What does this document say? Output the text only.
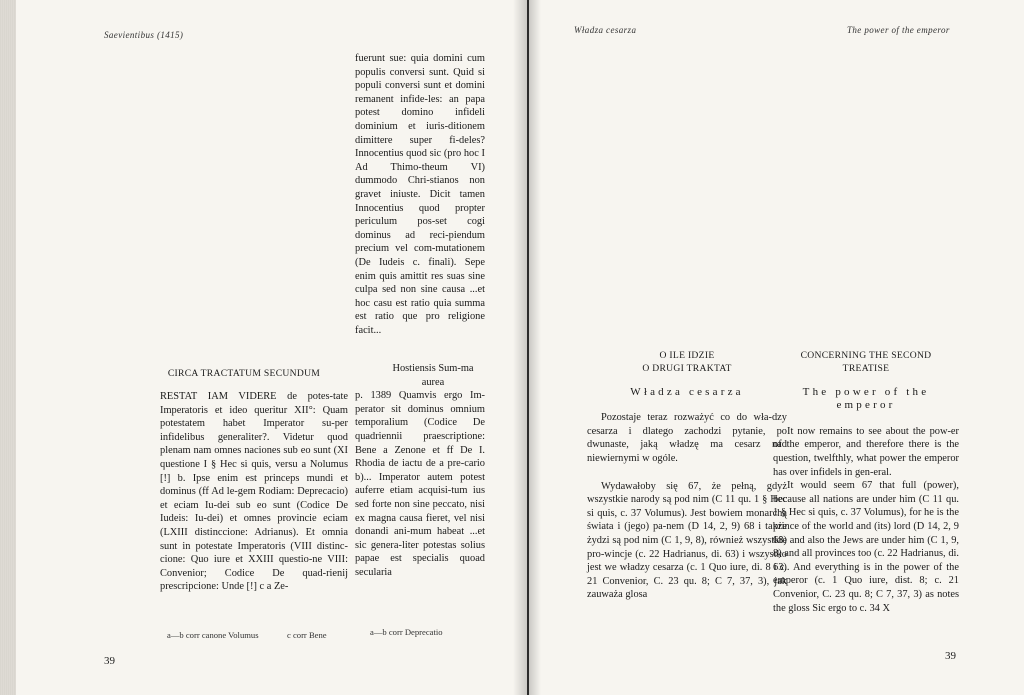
Saevientibus (1415)

fuerunt sue: quia domini cum populis conversi sunt. Quid si populi conversi sunt et domini remanent infide-les: an papa potest domino infideli dominium et iuris-ditionem dimittere super fi-deles? Innocentius quod sic (pro hoc I Ad Thimo-theum VI) dummodo Chri-stianos non gravet iniuste. Dicit tamen Innocentius quod propter periculum pos-set cogi dominus ad reci-piendum precium vel com-mutationem (De Iudeis c. finali). Sepe enim quis amittit res suas sine culpa sed non sine causa ...et hoc casu est ratio quia summa est ratio que pro religione facit...

CIRCA TRACTATUM SECUNDUM

RESTAT IAM VIDERE de potes-tate Imperatoris et ideo queritur XII°: Quam potestatem habet Imperator su-per infidelibus generaliter?. Videtur quod plenam nam omnes naciones sub eo sunt (XI questione I § Hec si quis, versu a Nolumus [!] b. Ipse enim est princeps mundi et dominus (ff Ad le-gem Rodiam: Deprecacio) et eciam Iu-dei sub eo sunt (Codice De Iudeis: Iu-dei) et omnes provincie eciam (LXIII distinccione: Adrianus). Et omnia sunt in potestate Imperatoris (VIII distinc-cione: Quo iure et XXIII questio-ne VIII: Convenior; Codice De quad-rienij prescripcione: Unde [!] c a Ze-

Hostiensis Sum-ma aurea

p. 1389 Quamvis ergo Im-perator sit dominus omnium temporalium (Codice De quadriennii praescriptione: Bene a Zenone et ff De I. Rhodia de iactu de a pre-cario b)... Imperator autem potest auferre etiam acquisi-tum ius sed forte non sine peccato, nisi ex magna causa fieret, vel nisi donandi ani-mum habeat ...et sic genera-liter potestas solius papae est specialis quoad secularia

a—b corr canone Volumus	c corr Bene	a—b corr Deprecatio
39
Władza cesarza	The power of the emperor

O ILE IDZIE

O DRUGI TRAKTAT

Władza cesarza

Pozostaje teraz rozważyć co do wła-dzy cesarza i dlatego zachodzi pytanie, po dwunaste, jaką władzę ma cesarz nad niewiernymi w ogóle.

Wydawałoby się 67, że pełną, gdyż wszystkie narody są pod nim (C 11 qu. 1 § Hec si quis, c. 37 Volumus). Jest bowiem monarchą świata i (jego) pa-nem (D 14, 2, 9) 68 i także żydzi są pod nim (C 1, 9, 8), również wszystkie pro-wincje (c. 22 Hadrianus, di. 63) i wszystko jest we władzy cesarza (c. 1 Quo iure, di. 8 i c. 21 Convenior, C. 23 qu. 8; C 7, 37, 3), jak zauważa glosa

CONCERNING THE SECOND

TREATISE

The power of the emperor

It now remains to see about the pow-er of the emperor, and therefore there is the question, twelfthly, what power the emperor has over infidels in gen-eral.

It would seem 67 that full (power), because all nations are under him (C 11 qu. 1 § Hec si quis, c. 37 Volumus), for he is the prince of the world and (its) lord (D 14, 2, 9 68) and also the Jews are under him (C 1, 9, 8) and all provinces too (c. 22 Hadrianus, di. 63). And everything is in the power of the emperor (c. 1 Quo iure, dist. 8; c. 21 Convenior, C. 23 qu. 8; C 7, 37, 3) as notes the gloss Sic ergo to c. 34 X

39
